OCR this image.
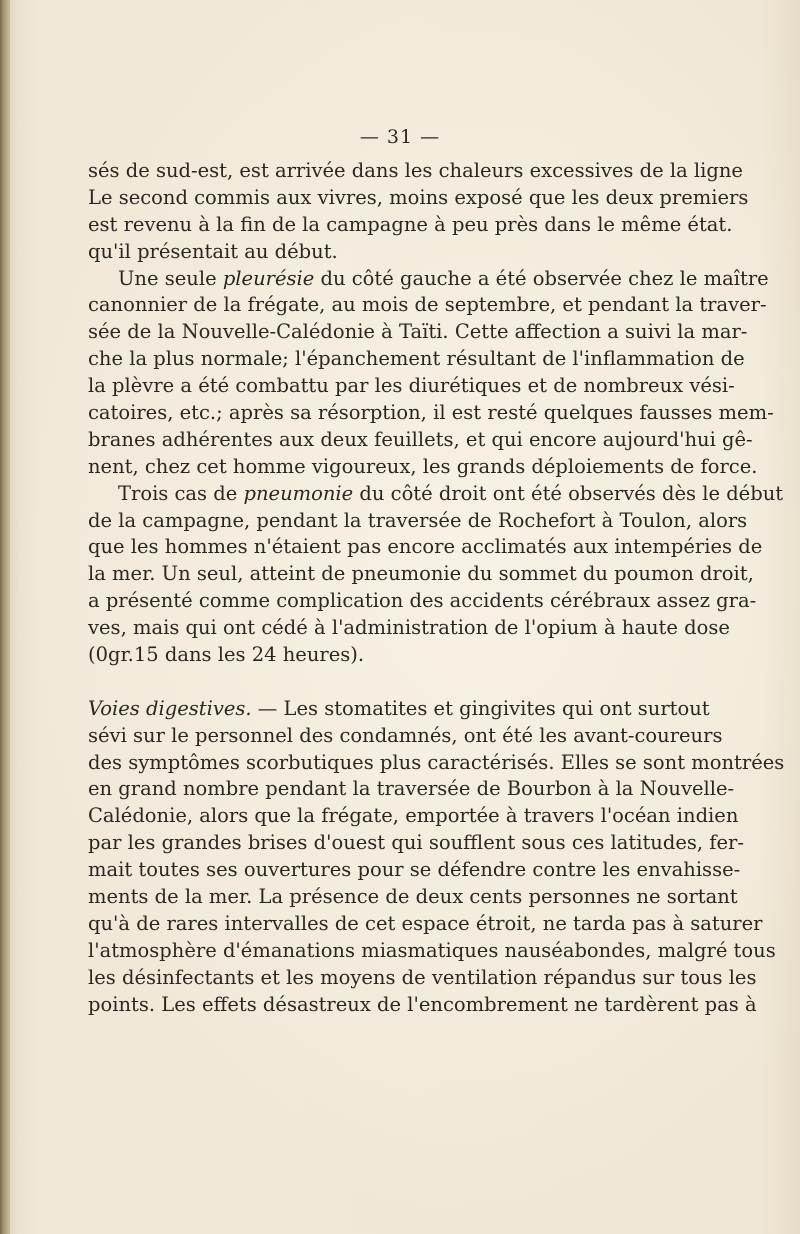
— 31 —
sés de sud-est, est arrivée dans les chaleurs excessives de la ligne
Le second commis aux vivres, moins exposé que les deux premiers
est revenu à la fin de la campagne à peu près dans le même état.
qu'il présentait au début.
Une seule pleurésie du côté gauche a été observée chez le maître
canonnier de la frégate, au mois de septembre, et pendant la traver-
sée de la Nouvelle-Calédonie à Taïti. Cette affection a suivi la mar-
che la plus normale; l'épanchement résultant de l'inflammation de
la plèvre a été combattu par les diurétiques et de nombreux vési-
catoires, etc.; après sa résorption, il est resté quelques fausses mem-
branes adhérentes aux deux feuillets, et qui encore aujourd'hui gê-
nent, chez cet homme vigoureux, les grands déploiements de force.
Trois cas de pneumonie du côté droit ont été observés dès le début
de la campagne, pendant la traversée de Rochefort à Toulon, alors
que les hommes n'étaient pas encore acclimatés aux intempéries de
la mer. Un seul, atteint de pneumonie du sommet du poumon droit,
a présenté comme complication des accidents cérébraux assez gra-
ves, mais qui ont cédé à l'administration de l'opium à haute dose
(0gr.15 dans les 24 heures).
Voies digestives. — Les stomatites et gingivites qui ont surtout
sévi sur le personnel des condamnés, ont été les avant-coureurs
des symptômes scorbutiques plus caractérisés. Elles se sont montrées
en grand nombre pendant la traversée de Bourbon à la Nouvelle-
Calédonie, alors que la frégate, emportée à travers l'océan indien
par les grandes brises d'ouest qui soufflent sous ces latitudes, fer-
mait toutes ses ouvertures pour se défendre contre les envahisse-
ments de la mer. La présence de deux cents personnes ne sortant
qu'à de rares intervalles de cet espace étroit, ne tarda pas à saturer
l'atmosphère d'émanations miasmatiques nauséabondes, malgré tous
les désinfectants et les moyens de ventilation répandus sur tous les
points. Les effets désastreux de l'encombrement ne tardèrent pas à
